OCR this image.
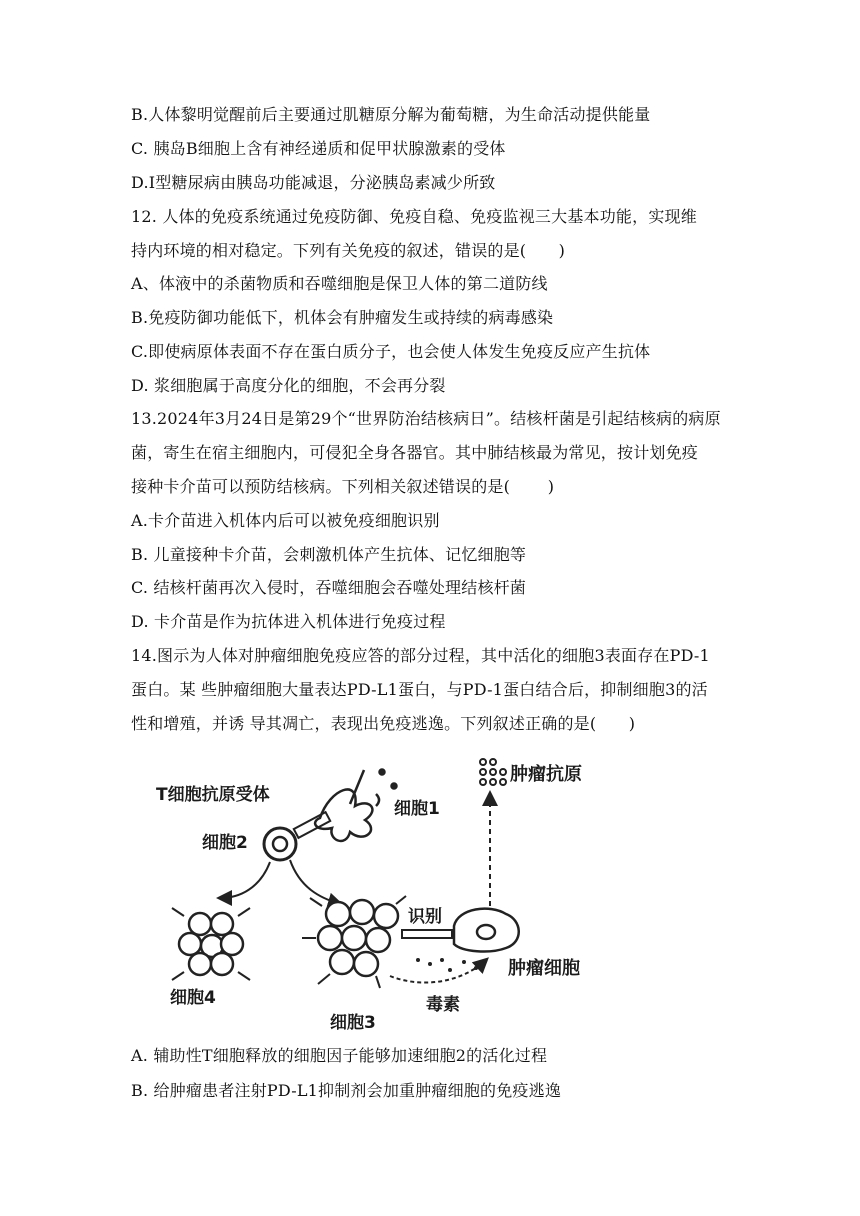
B.人体黎明觉醒前后主要通过肌糖原分解为葡萄糖，为生命活动提供能量
C. 胰岛B细胞上含有神经递质和促甲状腺激素的受体
D.I型糖尿病由胰岛功能减退，分泌胰岛素减少所致
12. 人体的免疫系统通过免疫防御、免疫自稳、免疫监视三大基本功能，实现维
持内环境的相对稳定。下列有关免疫的叙述，错误的是(　　)
A、体液中的杀菌物质和吞噬细胞是保卫人体的第二道防线
B.免疫防御功能低下，机体会有肿瘤发生或持续的病毒感染
C.即使病原体表面不存在蛋白质分子，也会使人体发生免疫反应产生抗体
D. 浆细胞属于高度分化的细胞，不会再分裂
13.2024年3月24日是第29个“世界防治结核病日”。结核杆菌是引起结核病的病原
菌，寄生在宿主细胞内，可侵犯全身各器官。其中肺结核最为常见，按计划免疫
接种卡介苗可以预防结核病。下列相关叙述错误的是(　　 )
A.卡介苗进入机体内后可以被免疫细胞识别
B. 儿童接种卡介苗，会刺激机体产生抗体、记忆细胞等
C. 结核杆菌再次入侵时，吞噬细胞会吞噬处理结核杆菌
D. 卡介苗是作为抗体进入机体进行免疫过程
14.图示为人体对肿瘤细胞免疫应答的部分过程，其中活化的细胞3表面存在PD-1
蛋白。某 些肿瘤细胞大量表达PD-L1蛋白，与PD-1蛋白结合后，抑制细胞3的活
性和增殖，并诱 导其凋亡，表现出免疫逃逸。下列叙述正确的是(　　)
T细胞抗原受体
细胞1
细胞2
细胞4
细胞3
识别
肿瘤细胞
肿瘤抗原
毒素
A. 辅助性T细胞释放的细胞因子能够加速细胞2的活化过程
B. 给肿瘤患者注射PD-L1抑制剂会加重肿瘤细胞的免疫逃逸
